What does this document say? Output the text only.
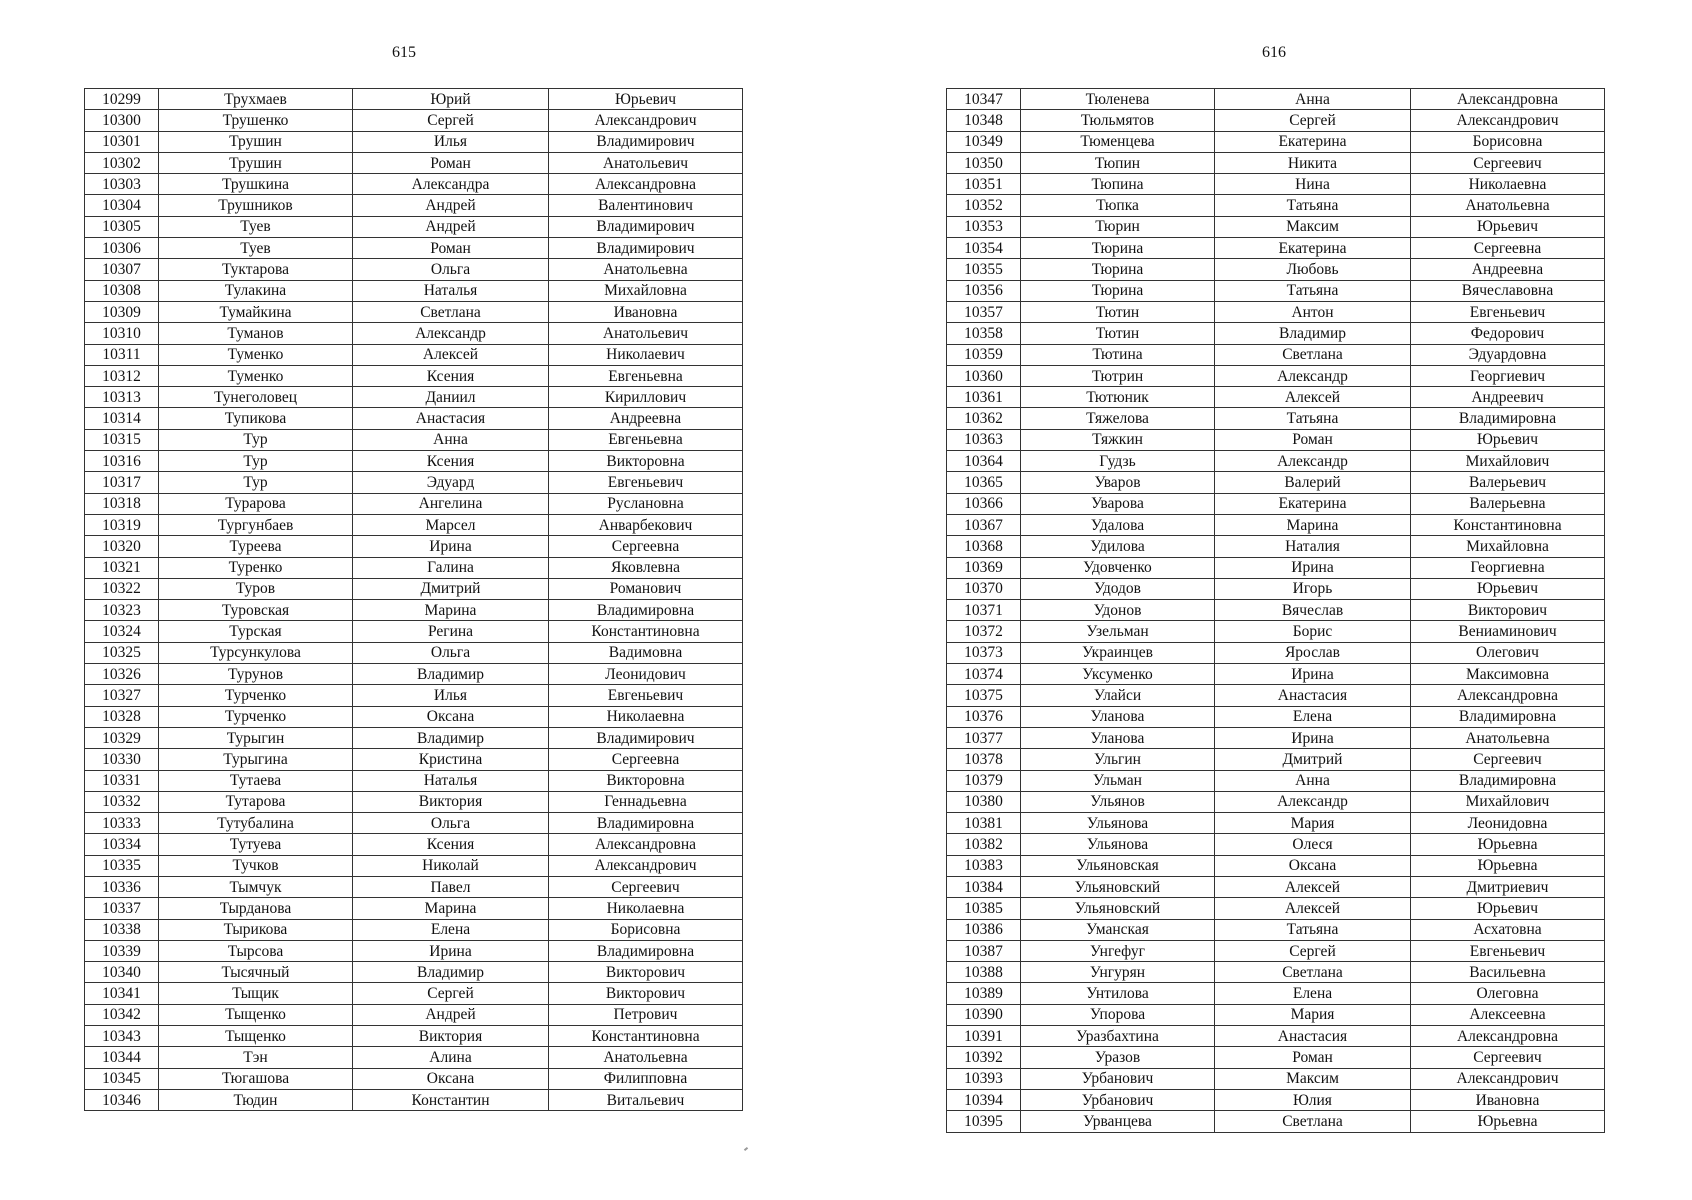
615
10299	Трухмаев	Юрий	Юрьевич
10300	Трушенко	Сергей	Александрович
10301	Трушин	Илья	Владимирович
10302	Трушин	Роман	Анатольевич
10303	Трушкина	Александра	Александровна
10304	Трушников	Андрей	Валентинович
10305	Туев	Андрей	Владимирович
10306	Туев	Роман	Владимирович
10307	Туктарова	Ольга	Анатольевна
10308	Тулакина	Наталья	Михайловна
10309	Тумайкина	Светлана	Ивановна
10310	Туманов	Александр	Анатольевич
10311	Туменко	Алексей	Николаевич
10312	Туменко	Ксения	Евгеньевна
10313	Тунеголовец	Даниил	Кириллович
10314	Тупикова	Анастасия	Андреевна
10315	Тур	Анна	Евгеньевна
10316	Тур	Ксения	Викторовна
10317	Тур	Эдуард	Евгеньевич
10318	Турарова	Ангелина	Руслановна
10319	Тургунбаев	Марсел	Анварбекович
10320	Туреева	Ирина	Сергеевна
10321	Туренко	Галина	Яковлевна
10322	Туров	Дмитрий	Романович
10323	Туровская	Марина	Владимировна
10324	Турская	Регина	Константиновна
10325	Турсункулова	Ольга	Вадимовна
10326	Турунов	Владимир	Леонидович
10327	Турченко	Илья	Евгеньевич
10328	Турченко	Оксана	Николаевна
10329	Турыгин	Владимир	Владимирович
10330	Турыгина	Кристина	Сергеевна
10331	Тутаева	Наталья	Викторовна
10332	Тутарова	Виктория	Геннадьевна
10333	Тутубалина	Ольга	Владимировна
10334	Тутуева	Ксения	Александровна
10335	Тучков	Николай	Александрович
10336	Тымчук	Павел	Сергеевич
10337	Тырданова	Марина	Николаевна
10338	Тырикова	Елена	Борисовна
10339	Тырсова	Ирина	Владимировна
10340	Тысячный	Владимир	Викторович
10341	Тыщик	Сергей	Викторович
10342	Тыщенко	Андрей	Петрович
10343	Тыщенко	Виктория	Константиновна
10344	Тэн	Алина	Анатольевна
10345	Тюгашова	Оксана	Филипповна
10346	Тюдин	Константин	Витальевич
616
10347	Тюленева	Анна	Александровна
10348	Тюльмятов	Сергей	Александрович
10349	Тюменцева	Екатерина	Борисовна
10350	Тюпин	Никита	Сергеевич
10351	Тюпина	Нина	Николаевна
10352	Тюпка	Татьяна	Анатольевна
10353	Тюрин	Максим	Юрьевич
10354	Тюрина	Екатерина	Сергеевна
10355	Тюрина	Любовь	Андреевна
10356	Тюрина	Татьяна	Вячеславовна
10357	Тютин	Антон	Евгеньевич
10358	Тютин	Владимир	Федорович
10359	Тютина	Светлана	Эдуардовна
10360	Тютрин	Александр	Георгиевич
10361	Тютюник	Алексей	Андреевич
10362	Тяжелова	Татьяна	Владимировна
10363	Тяжкин	Роман	Юрьевич
10364	Гудзь	Александр	Михайлович
10365	Уваров	Валерий	Валерьевич
10366	Уварова	Екатерина	Валерьевна
10367	Удалова	Марина	Константиновна
10368	Удилова	Наталия	Михайловна
10369	Удовченко	Ирина	Георгиевна
10370	Удодов	Игорь	Юрьевич
10371	Удонов	Вячеслав	Викторович
10372	Узельман	Борис	Вениаминович
10373	Украинцев	Ярослав	Олегович
10374	Уксуменко	Ирина	Максимовна
10375	Улайси	Анастасия	Александровна
10376	Уланова	Елена	Владимировна
10377	Уланова	Ирина	Анатольевна
10378	Ульгин	Дмитрий	Сергеевич
10379	Ульман	Анна	Владимировна
10380	Ульянов	Александр	Михайлович
10381	Ульянова	Мария	Леонидовна
10382	Ульянова	Олеся	Юрьевна
10383	Ульяновская	Оксана	Юрьевна
10384	Ульяновский	Алексей	Дмитриевич
10385	Ульяновский	Алексей	Юрьевич
10386	Уманская	Татьяна	Асхатовна
10387	Унгефуг	Сергей	Евгеньевич
10388	Унгурян	Светлана	Васильевна
10389	Унтилова	Елена	Олеговна
10390	Упорова	Мария	Алексеевна
10391	Уразбахтина	Анастасия	Александровна
10392	Уразов	Роман	Сергеевич
10393	Урбанович	Максим	Александрович
10394	Урбанович	Юлия	Ивановна
10395	Урванцева	Светлана	Юрьевна
